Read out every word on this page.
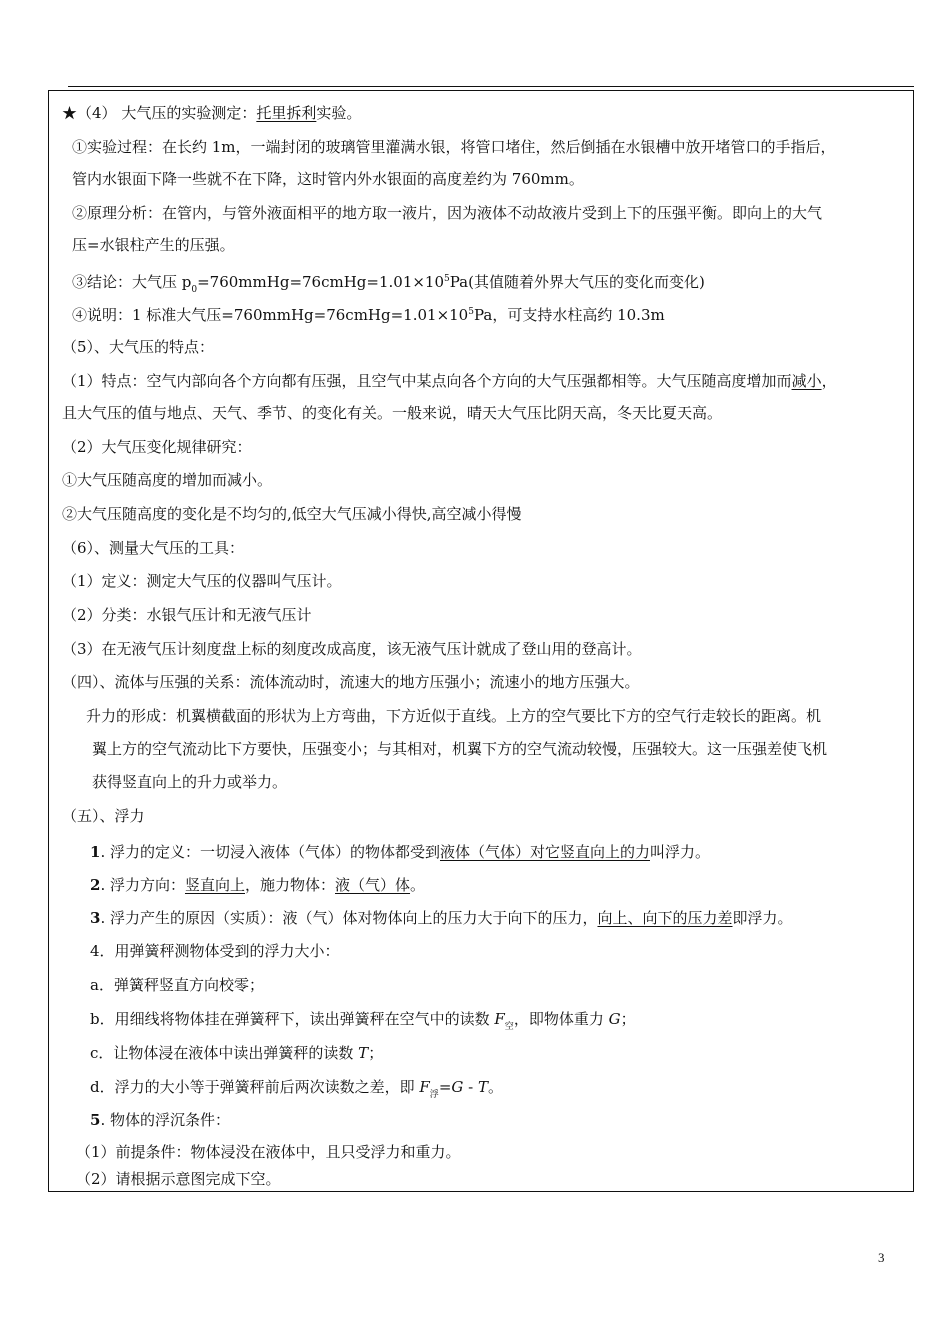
★（4） 大气压的实验测定：托里拆利实验。
①实验过程：在长约 1m，一端封闭的玻璃管里灌满水银，将管口堵住，然后倒插在水银槽中放开堵管口的手指后，
管内水银面下降一些就不在下降，这时管内外水银面的高度差约为 760mm。
②原理分析：在管内，与管外液面相平的地方取一液片，因为液体不动故液片受到上下的压强平衡。即向上的大气
压=水银柱产生的压强。
③结论：大气压 $p_0=760mmHg=76cmHg=1.01\times 10^5Pa$(其值随着外界大气压的变化而变化)
④说明：1 标准大气压$=760mmHg=76cmHg=1.01\times 10^5Pa$，可支持水柱高约 10.3m
（5）、大气压的特点：
（1）特点：空气内部向各个方向都有压强，且空气中某点向各个方向的大气压强都相等。大气压随高度增加而减小，
且大气压的值与地点、天气、季节、的变化有关。一般来说，晴天大气压比阴天高，冬天比夏天高。
（2）大气压变化规律研究：
①大气压随高度的增加而减小。
②大气压随高度的变化是不均匀的,低空大气压减小得快,高空减小得慢
（6）、测量大气压的工具：
（1）定义：测定大气压的仪器叫气压计。
（2）分类：水银气压计和无液气压计
（3）在无液气压计刻度盘上标的刻度改成高度，该无液气压计就成了登山用的登高计。
（四）、流体与压强的关系：流体流动时，流速大的地方压强小；流速小的地方压强大。
升力的形成：机翼横截面的形状为上方弯曲，下方近似于直线。上方的空气要比下方的空气行走较长的距离。机
翼上方的空气流动比下方要快，压强变小；与其相对，机翼下方的空气流动较慢，压强较大。这一压强差使飞机
获得竖直向上的升力或举力。
（五）、浮力
1. 浮力的定义：一切浸入液体（气体）的物体都受到液体（气体）对它竖直向上的力叫浮力。
2. 浮力方向：竖直向上，施力物体：液（气）体。
3. 浮力产生的原因（实质）：液（气）体对物体向上的压力大于向下的压力，向上、向下的压力差即浮力。
4．用弹簧秤测物体受到的浮力大小：
a．弹簧秤竖直方向校零；
b．用细线将物体挂在弹簧秤下，读出弹簧秤在空气中的读数 $F_空$，即物体重力 G；
c．让物体浸在液体中读出弹簧秤的读数 T；
d．浮力的大小等于弹簧秤前后两次读数之差，即 $F_浮=G - T$。
5. 物体的浮沉条件：
（1）前提条件：物体浸没在液体中，且只受浮力和重力。
（2）请根据示意图完成下空。
3
